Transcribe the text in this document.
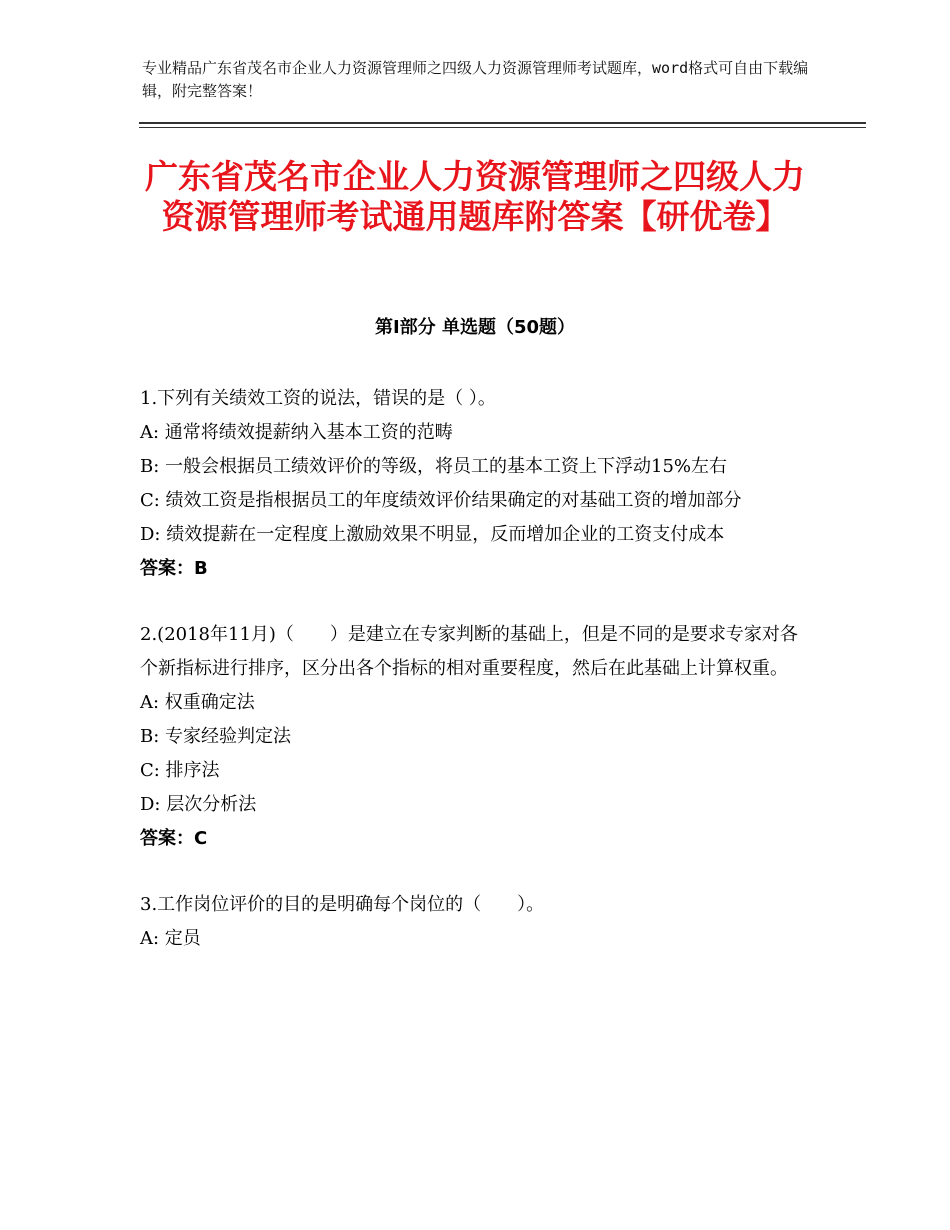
专业精品广东省茂名市企业人力资源管理师之四级人力资源管理师考试题库，word格式可自由下载编辑，附完整答案！
广东省茂名市企业人力资源管理师之四级人力资源管理师考试通用题库附答案【研优卷】
第Ⅰ部分 单选题（50题）

1.下列有关绩效工资的说法，错误的是（ ）。

A: 通常将绩效提薪纳入基本工资的范畴

B: 一般会根据员工绩效评价的等级，将员工的基本工资上下浮动15%左右

C: 绩效工资是指根据员工的年度绩效评价结果确定的对基础工资的增加部分

D: 绩效提薪在一定程度上激励效果不明显，反而增加企业的工资支付成本

答案：B

2.(2018年11月)（　　）是建立在专家判断的基础上，但是不同的是要求专家对各个新指标进行排序，区分出各个指标的相对重要程度，然后在此基础上计算权重。

A: 权重确定法

B: 专家经验判定法

C: 排序法

D: 层次分析法

答案：C

3.工作岗位评价的目的是明确每个岗位的（　　）。

A: 定员
